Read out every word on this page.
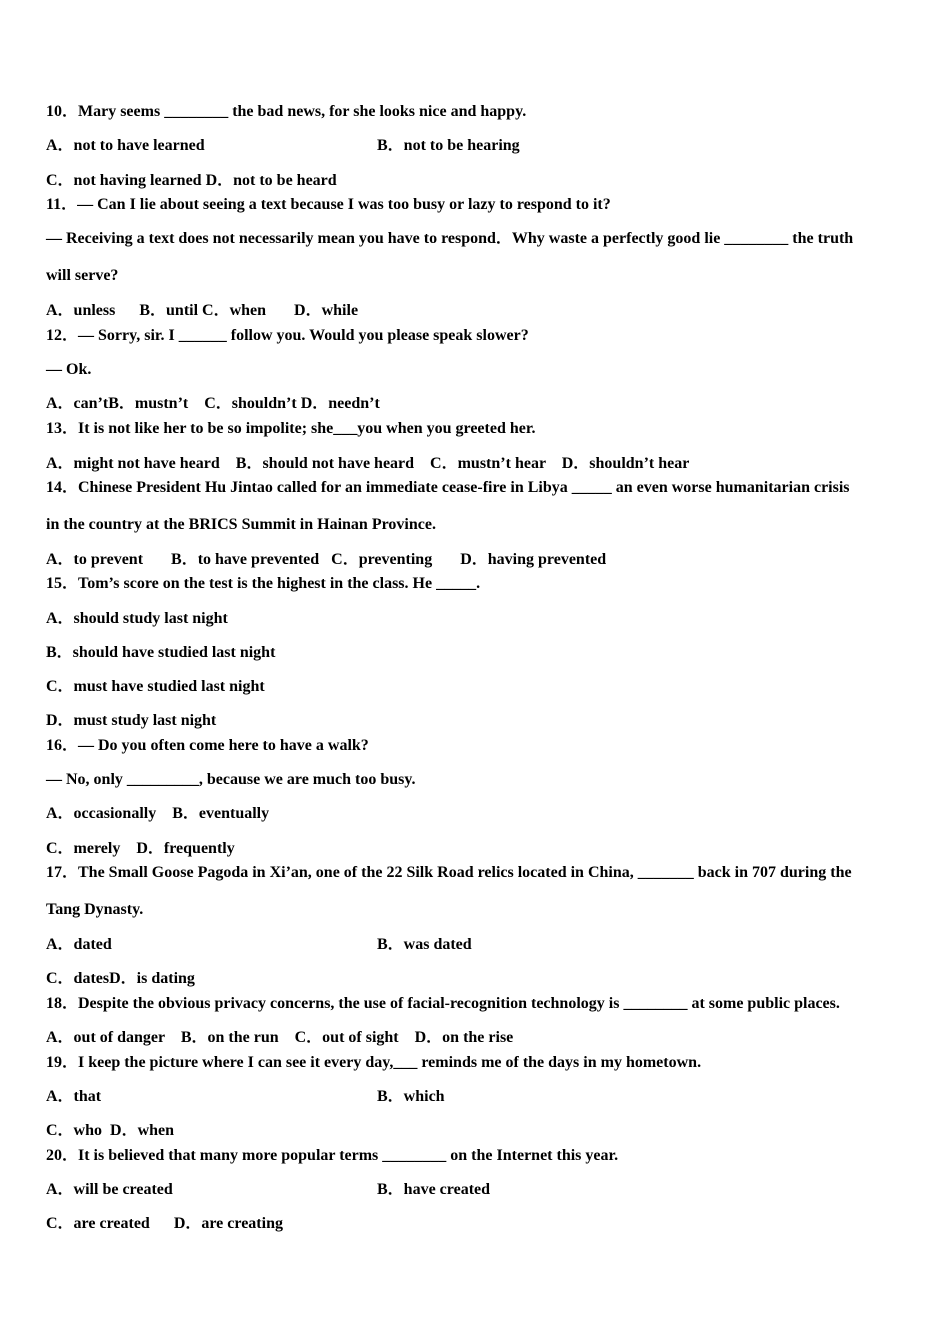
10．Mary seems ________ the bad news, for she looks nice and happy.
A．not to have learned	B．not to be hearing
C．not having learned D．not to be heard
11．— Can I lie about seeing a text because I was too busy or lazy to respond to it?
— Receiving a text does not necessarily mean you have to respond．Why waste a perfectly good lie ________ the truth
will serve?
A．unless      B．until C．when       D．while
12．— Sorry, sir. I ______ follow you. Would you please speak slower?
— Ok.
A．can’tB．mustn’t    C．shouldn’t D．needn’t
13．It is not like her to be so impolite; she___you when you greeted her.
A．might not have heard    B．should not have heard    C．mustn’t hear    D．shouldn’t hear
14．Chinese President Hu Jintao called for an immediate cease-fire in Libya _____ an even worse humanitarian crisis
in the country at the BRICS Summit in Hainan Province.
A．to prevent       B．to have prevented   C．preventing       D．having prevented
15．Tom’s score on the test is the highest in the class. He _____.
A．should study last night
B．should have studied last night
C．must have studied last night
D．must study last night
16．— Do you often come here to have a walk?
— No, only _________, because we are much too busy.
A．occasionally    B．eventually
C．merely    D．frequently
17．The Small Goose Pagoda in Xi’an, one of the 22 Silk Road relics located in China, _______ back in 707 during the
Tang Dynasty.
A．dated	B．was dated
C．datesD．is dating
18．Despite the obvious privacy concerns, the use of facial-recognition technology is ________ at some public places.
A．out of danger    B．on the run    C．out of sight    D．on the rise
19．I keep the picture where I can see it every day,___ reminds me of the days in my hometown.
A．that	B．which
C．who  D．when
20．It is believed that many more popular terms ________ on the Internet this year.
A．will be created	B．have created
C．are created      D．are creating
